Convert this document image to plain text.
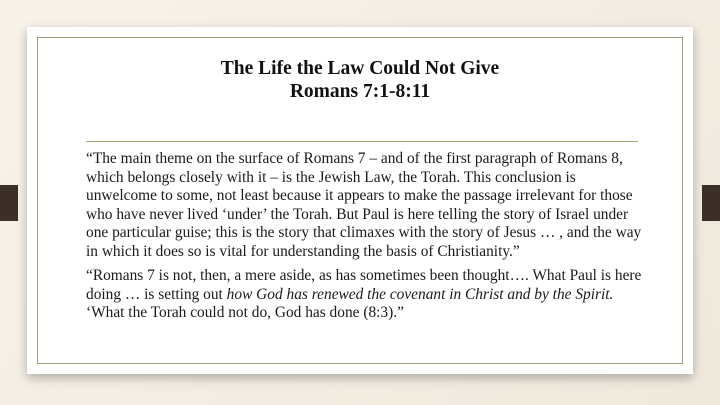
The Life the Law Could Not Give
Romans 7:1-8:11

“The main theme on the surface of Romans 7 – and of the first paragraph of Romans 8, which belongs closely with it – is the Jewish Law, the Torah. This conclusion is unwelcome to some, not least because it appears to make the passage irrelevant for those who have never lived ‘under’ the Torah. But Paul is here telling the story of Israel under one particular guise; this is the story that climaxes with the story of Jesus … , and the way in which it does so is vital for understanding the basis of Christianity.”

“Romans 7 is not, then, a mere aside, as has sometimes been thought…. What Paul is here doing … is setting out how God has renewed the covenant in Christ and by the Spirit. ‘What the Torah could not do, God has done (8:3).”
